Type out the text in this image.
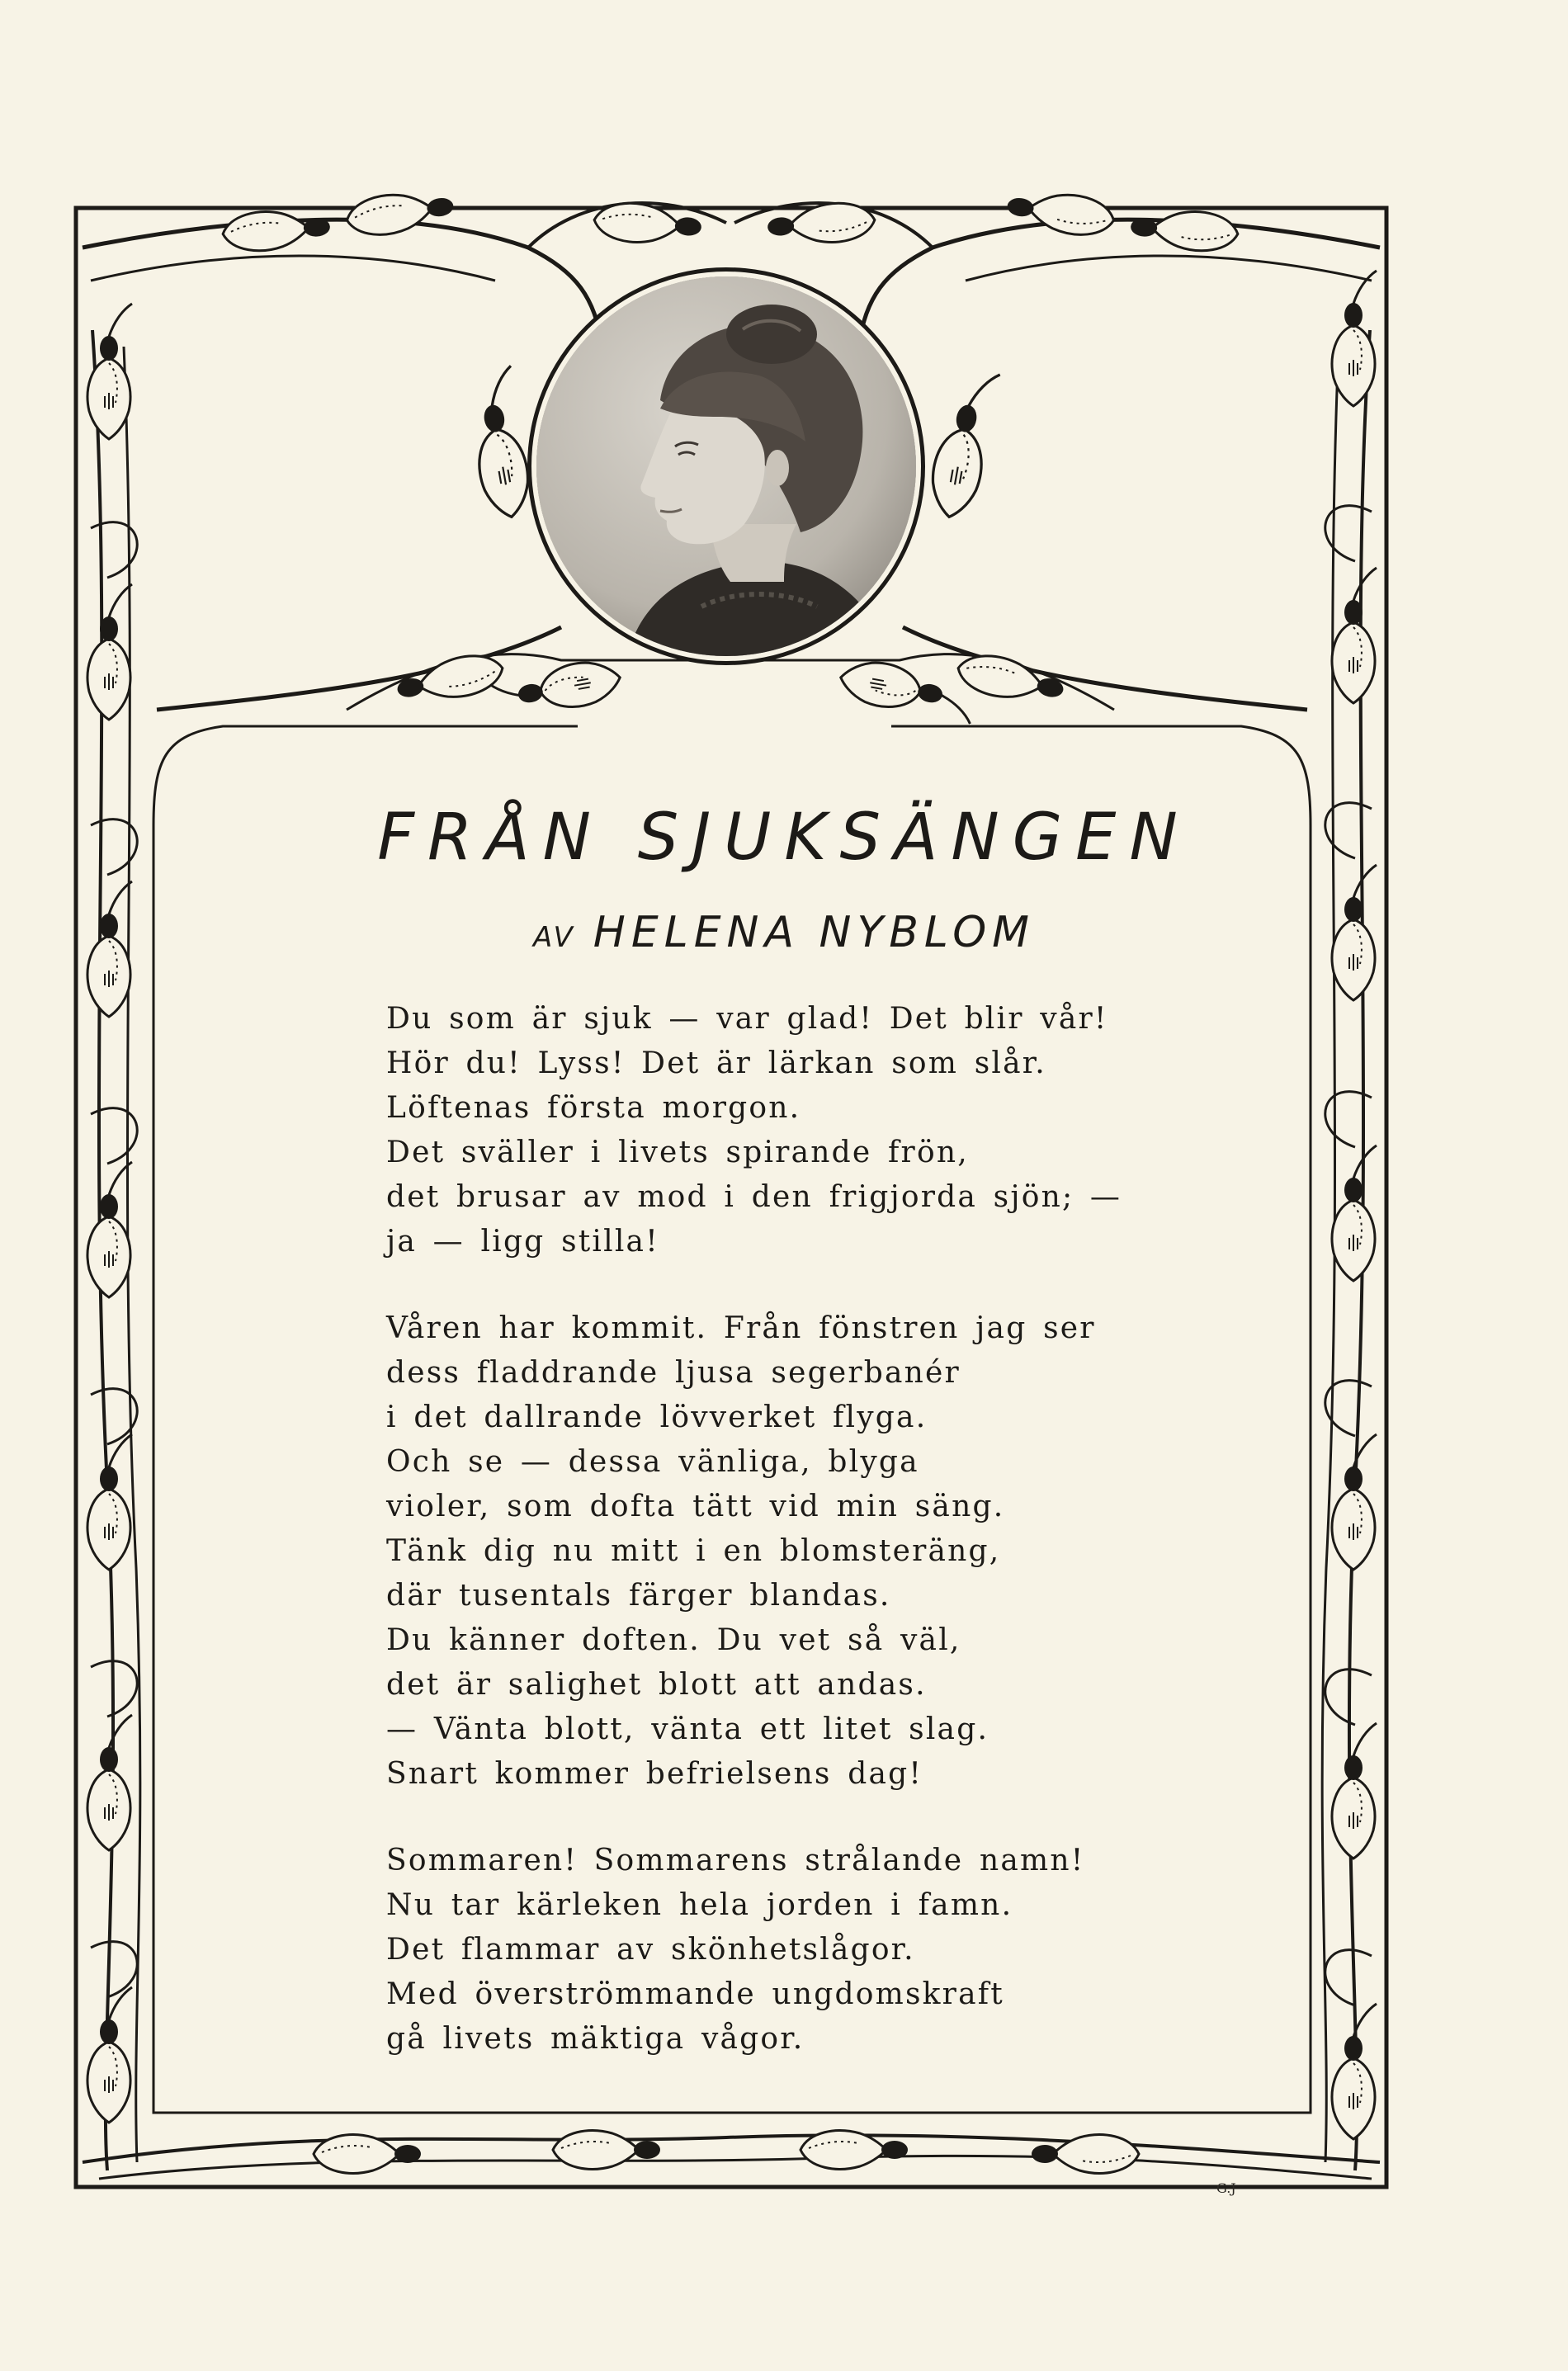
FRÅN SJUKSÄNGEN
AV HELENA NYBLOM
Du som är sjuk — var glad! Det blir vår!
Hör du! Lyss! Det är lärkan som slår.
Löftenas första morgon.
Det sväller i livets spirande frön,
det brusar av mod i den frigjorda sjön; —
ja — ligg stilla!
Våren har kommit. Från fönstren jag ser
dess fladdrande ljusa segerbanér
i det dallrande lövverket flyga.
Och se — dessa vänliga, blyga
violer, som dofta tätt vid min säng.
Tänk dig nu mitt i en blomsteräng,
där tusentals färger blandas.
Du känner doften. Du vet så väl,
det är salighet blott att andas.
— Vänta blott, vänta ett litet slag.
Snart kommer befrielsens dag!
Sommaren! Sommarens strålande namn!
Nu tar kärleken hela jorden i famn.
Det flammar av skönhetslågor.
Med överströmmande ungdomskraft
gå livets mäktiga vågor.
G.J
